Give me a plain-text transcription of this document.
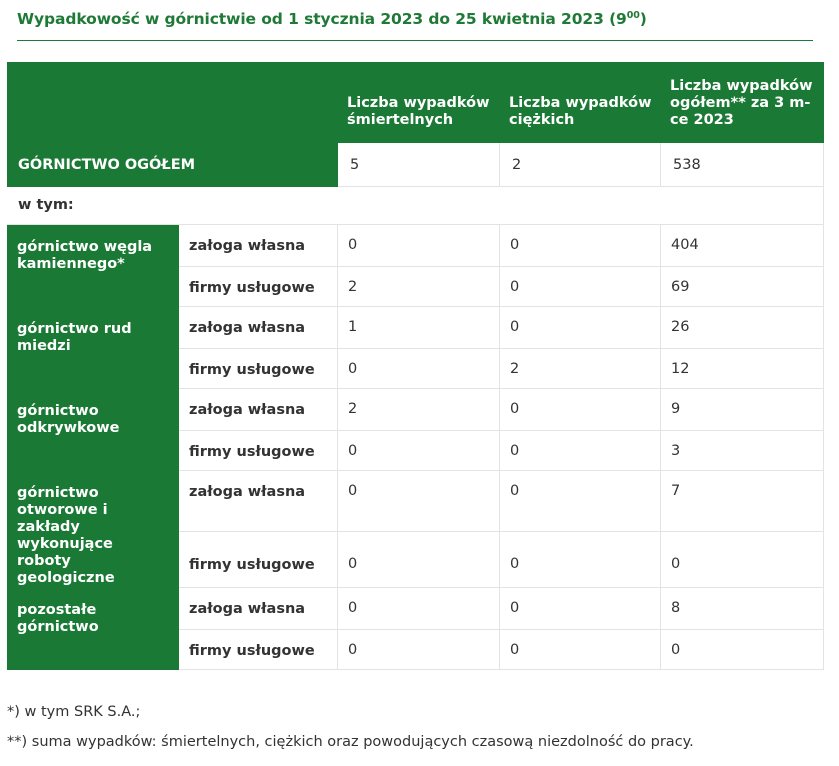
Wypadkowość w górnictwie od 1 stycznia 2023 do 25 kwietnia 2023 $(9^{00})$
		Liczba wypadków śmiertelnych	Liczba wypadków ciężkich	Liczba wypadków ogółem** za 3 m-ce 2023
GÓRNICTWO OGÓŁEM		5	2	538
w tym:				
górnictwo węgla kamiennego*	załoga własna	0	0	404
	firmy usługowe	2	0	69
górnictwo rud miedzi	załoga własna	1	0	26
	firmy usługowe	0	2	12
górnictwo odkrywkowe	załoga własna	2	0	9
	firmy usługowe	0	0	3
górnictwo otworowe i zakłady wykonujące roboty geologiczne	załoga własna	0	0	7
	firmy usługowe	0	0	0
pozostałe górnictwo	załoga własna	0	0	8
	firmy usługowe	0	0	0

*) w tym SRK S.A.;

**) suma wypadków: śmiertelnych, ciężkich oraz powodujących czasową niezdolność do pracy.
